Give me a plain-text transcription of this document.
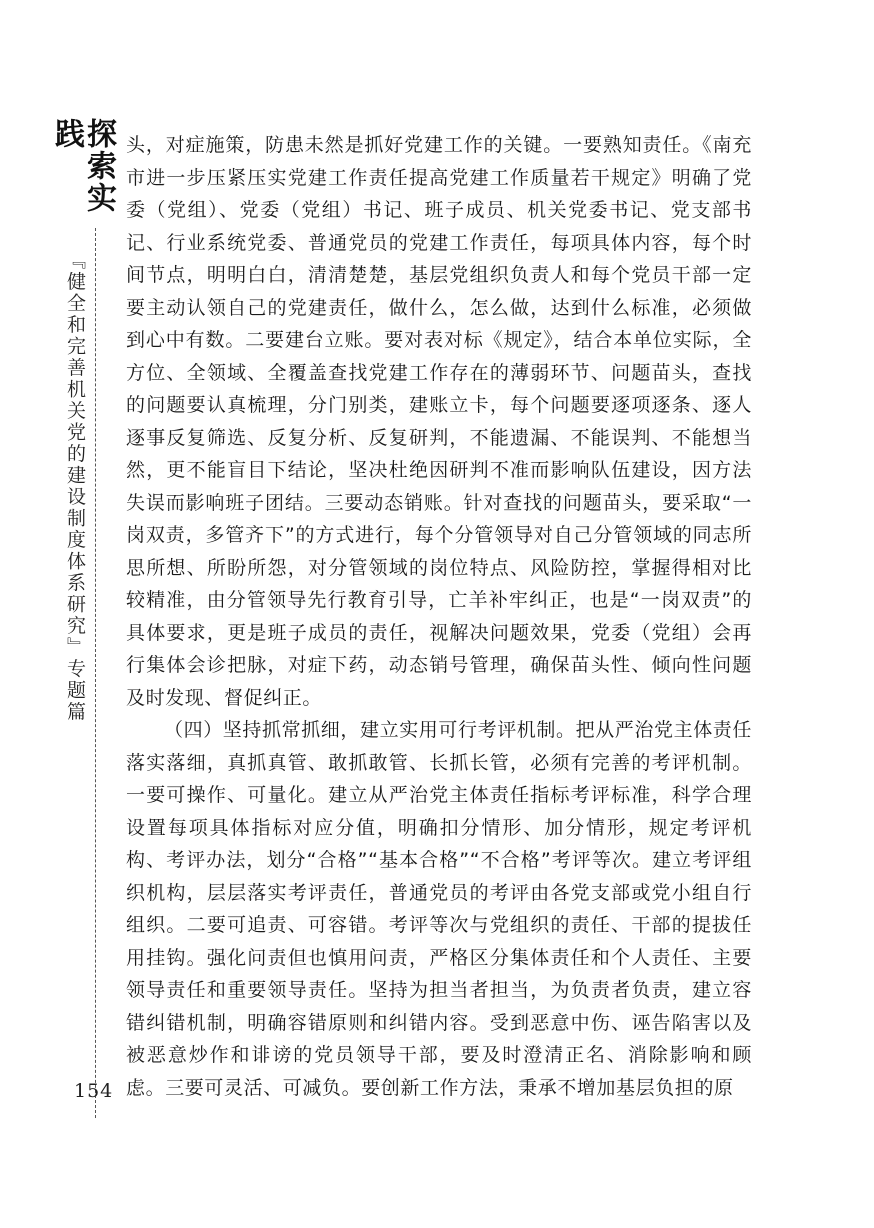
探索实践
『健全和完善机关党的建设制度体系研究』专题篇
154

头，对症施策，防患未然是抓好党建工作的关键。一要熟知责任。《南充市进一步压紧压实党建工作责任提高党建工作质量若干规定》明确了党委（党组）、党委（党组）书记、班子成员、机关党委书记、党支部书记、行业系统党委、普通党员的党建工作责任，每项具体内容，每个时间节点，明明白白，清清楚楚，基层党组织负责人和每个党员干部一定要主动认领自己的党建责任，做什么，怎么做，达到什么标准，必须做到心中有数。二要建台立账。要对表对标《规定》，结合本单位实际，全方位、全领域、全覆盖查找党建工作存在的薄弱环节、问题苗头，查找的问题要认真梳理，分门别类，建账立卡，每个问题要逐项逐条、逐人逐事反复筛选、反复分析、反复研判，不能遗漏、不能误判、不能想当然，更不能盲目下结论，坚决杜绝因研判不准而影响队伍建设，因方法失误而影响班子团结。三要动态销账。针对查找的问题苗头，要采取“一岗双责，多管齐下”的方式进行，每个分管领导对自己分管领域的同志所思所想、所盼所怨，对分管领域的岗位特点、风险防控，掌握得相对比较精准，由分管领导先行教育引导，亡羊补牢纠正，也是“一岗双责”的具体要求，更是班子成员的责任，视解决问题效果，党委（党组）会再行集体会诊把脉，对症下药，动态销号管理，确保苗头性、倾向性问题及时发现、督促纠正。

（四）坚持抓常抓细，建立实用可行考评机制。把从严治党主体责任落实落细，真抓真管、敢抓敢管、长抓长管，必须有完善的考评机制。一要可操作、可量化。建立从严治党主体责任指标考评标准，科学合理设置每项具体指标对应分值，明确扣分情形、加分情形，规定考评机构、考评办法，划分“合格”“基本合格”“不合格”考评等次。建立考评组织机构，层层落实考评责任，普通党员的考评由各党支部或党小组自行组织。二要可追责、可容错。考评等次与党组织的责任、干部的提拔任用挂钩。强化问责但也慎用问责，严格区分集体责任和个人责任、主要领导责任和重要领导责任。坚持为担当者担当，为负责者负责，建立容错纠错机制，明确容错原则和纠错内容。受到恶意中伤、诬告陷害以及被恶意炒作和诽谤的党员领导干部，要及时澄清正名、消除影响和顾虑。三要可灵活、可减负。要创新工作方法，秉承不增加基层负担的原
